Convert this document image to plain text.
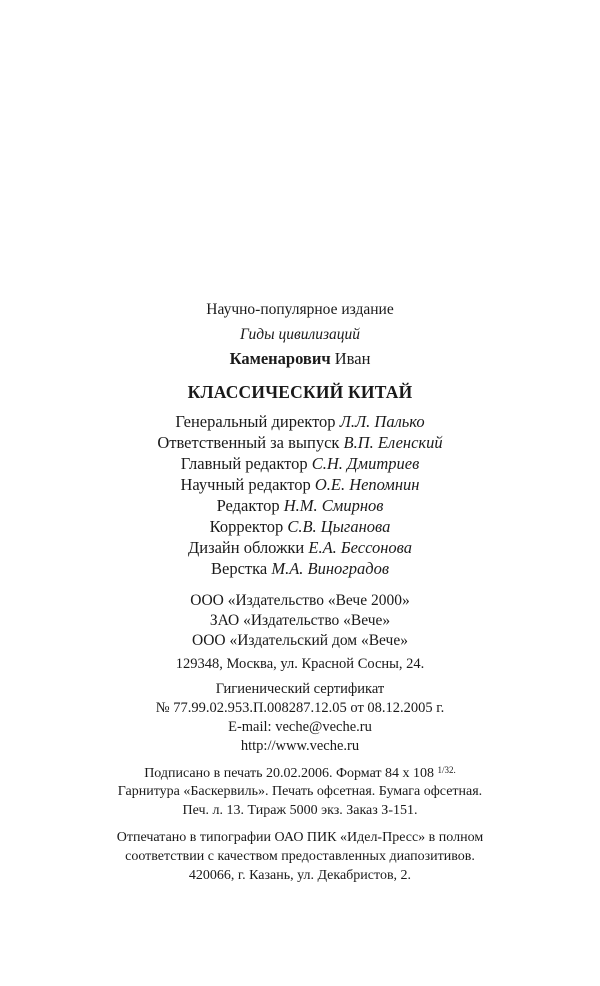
Научно-популярное издание
Гиды цивилизаций
Каменарович Иван
КЛАССИЧЕСКИЙ КИТАЙ
Генеральный директор Л.Л. Палько
Ответственный за выпуск В.П. Еленский
Главный редактор С.Н. Дмитриев
Научный редактор О.Е. Непомнин
Редактор Н.М. Смирнов
Корректор С.В. Цыганова
Дизайн обложки Е.А. Бессонова
Верстка М.А. Виноградов
ООО «Издательство «Вече 2000»
ЗАО «Издательство «Вече»
ООО «Издательский дом «Вече»
129348, Москва, ул. Красной Сосны, 24.
Гигиенический сертификат
№ 77.99.02.953.П.008287.12.05 от 08.12.2005 г.
E-mail: veche@veche.ru
http://www.veche.ru
Подписано в печать 20.02.2006. Формат 84 х 108 $^{1/32.}$
Гарнитура «Баскервиль». Печать офсетная. Бумага офсетная.
Печ. л. 13. Тираж 5000 экз. Заказ З-151.
Отпечатано в типографии ОАО ПИК «Идел-Пресс» в полном
соответствии с качеством предоставленных диапозитивов.
420066, г. Казань, ул. Декабристов, 2.
